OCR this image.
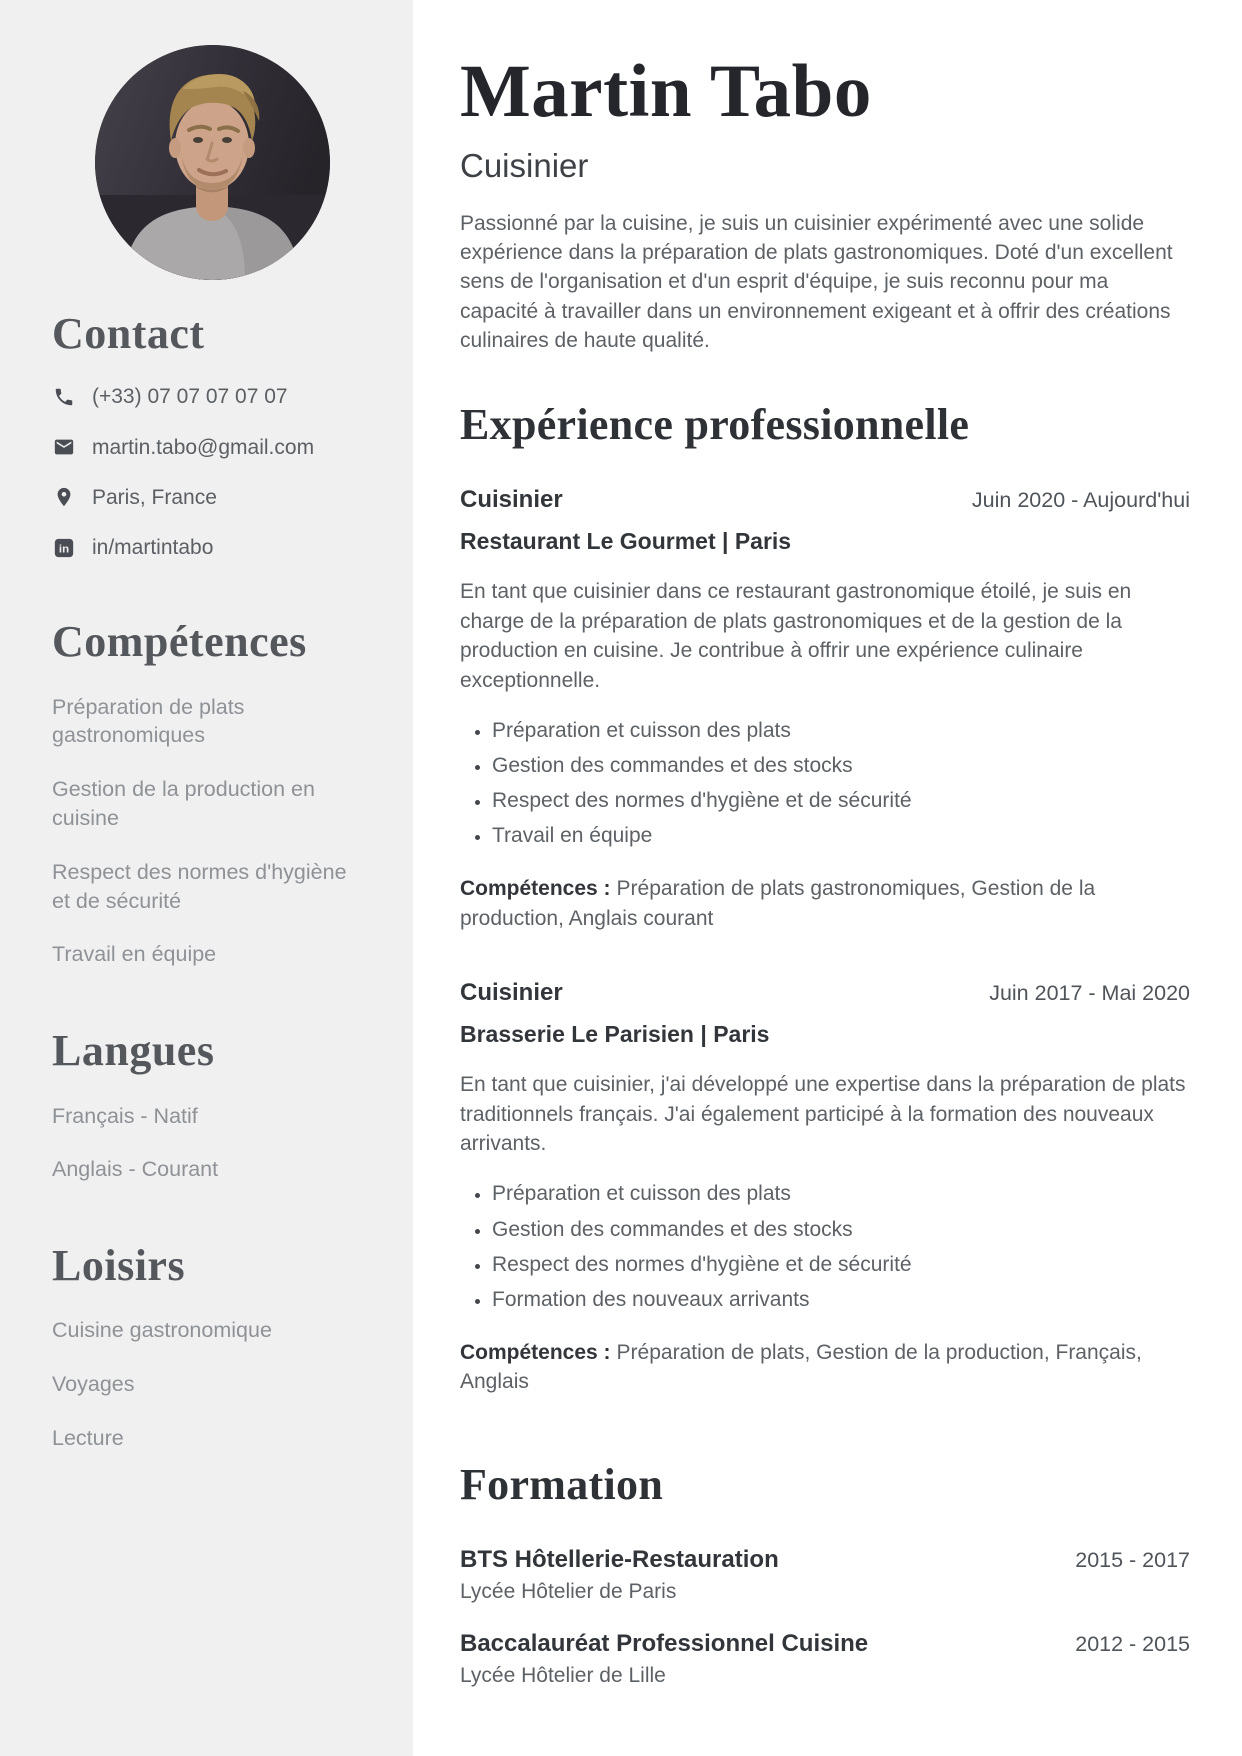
Contact
(+33) 07 07 07 07 07
martin.tabo@gmail.com
Paris, France
in in/martintabo
Compétences
Préparation de plats gastronomiques
Gestion de la production en cuisine
Respect des normes d'hygiène et de sécurité
Travail en équipe
Langues
Français - Natif
Anglais - Courant
Loisirs
Cuisine gastronomique
Voyages
Lecture
Martin Tabo
Cuisinier

Passionné par la cuisine, je suis un cuisinier expérimenté avec une solide expérience dans la préparation de plats gastronomiques. Doté d'un excellent sens de l'organisation et d'un esprit d'équipe, je suis reconnu pour ma capacité à travailler dans un environnement exigeant et à offrir des créations culinaires de haute qualité.

Expérience professionnelle
Cuisinier	Juin 2020 - Aujourd'hui
Restaurant Le Gourmet | Paris

En tant que cuisinier dans ce restaurant gastronomique étoilé, je suis en charge de la préparation de plats gastronomiques et de la gestion de la production en cuisine. Je contribue à offrir une expérience culinaire exceptionnelle.

• Préparation et cuisson des plats
• Gestion des commandes et des stocks
• Respect des normes d'hygiène et de sécurité
• Travail en équipe

Compétences : Préparation de plats gastronomiques, Gestion de la production, Anglais courant

Cuisinier	Juin 2017 - Mai 2020
Brasserie Le Parisien | Paris

En tant que cuisinier, j'ai développé une expertise dans la préparation de plats traditionnels français. J'ai également participé à la formation des nouveaux arrivants.

• Préparation et cuisson des plats
• Gestion des commandes et des stocks
• Respect des normes d'hygiène et de sécurité
• Formation des nouveaux arrivants

Compétences : Préparation de plats, Gestion de la production, Français, Anglais

Formation
BTS Hôtellerie-Restauration	2015 - 2017
Lycée Hôtelier de Paris
Baccalauréat Professionnel Cuisine	2012 - 2015
Lycée Hôtelier de Lille
